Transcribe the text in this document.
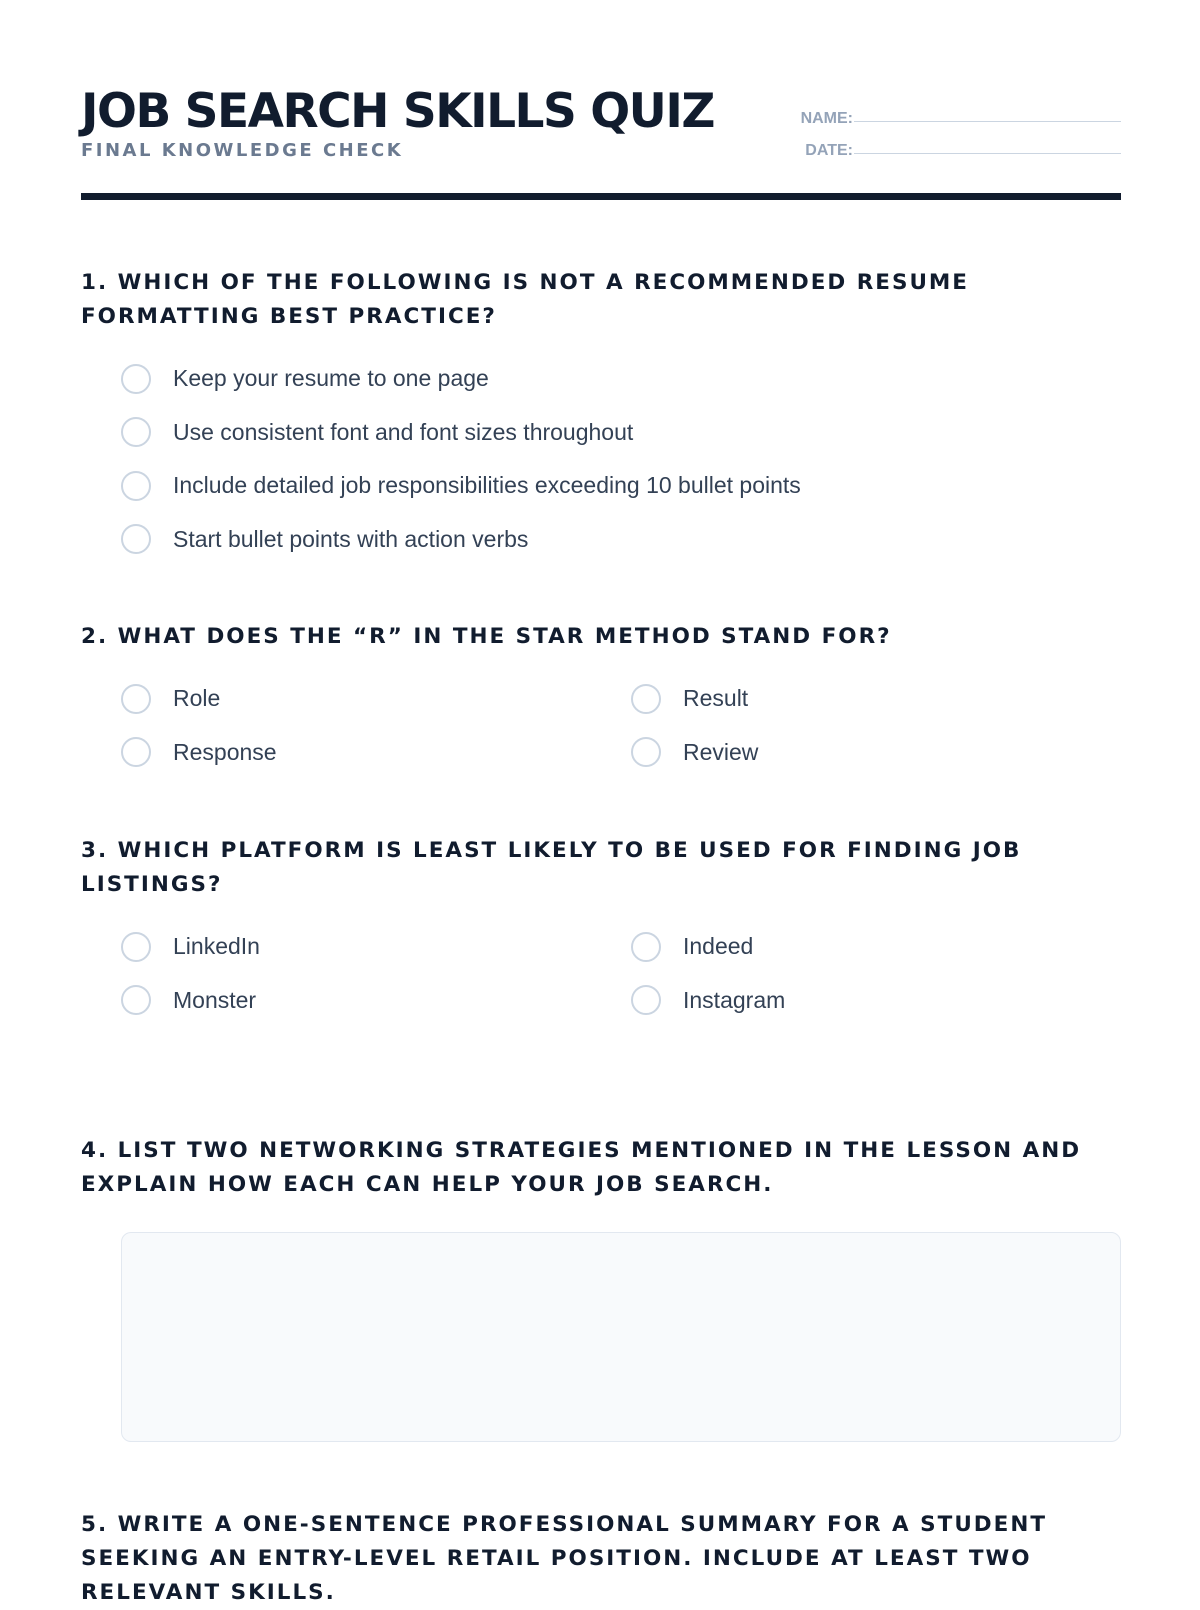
JOB SEARCH SKILLS QUIZ
FINAL KNOWLEDGE CHECK
NAME:
DATE:
1. WHICH OF THE FOLLOWING IS NOT A RECOMMENDED RESUME FORMATTING BEST PRACTICE?
Keep your resume to one page
Use consistent font and font sizes throughout
Include detailed job responsibilities exceeding 10 bullet points
Start bullet points with action verbs
2. WHAT DOES THE “R” IN THE STAR METHOD STAND FOR?
Role	Result
Response	Review
3. WHICH PLATFORM IS LEAST LIKELY TO BE USED FOR FINDING JOB LISTINGS?
LinkedIn	Indeed
Monster	Instagram
4. LIST TWO NETWORKING STRATEGIES MENTIONED IN THE LESSON AND EXPLAIN HOW EACH CAN HELP YOUR JOB SEARCH.
5. WRITE A ONE-SENTENCE PROFESSIONAL SUMMARY FOR A STUDENT SEEKING AN ENTRY-LEVEL RETAIL POSITION. INCLUDE AT LEAST TWO RELEVANT SKILLS.
